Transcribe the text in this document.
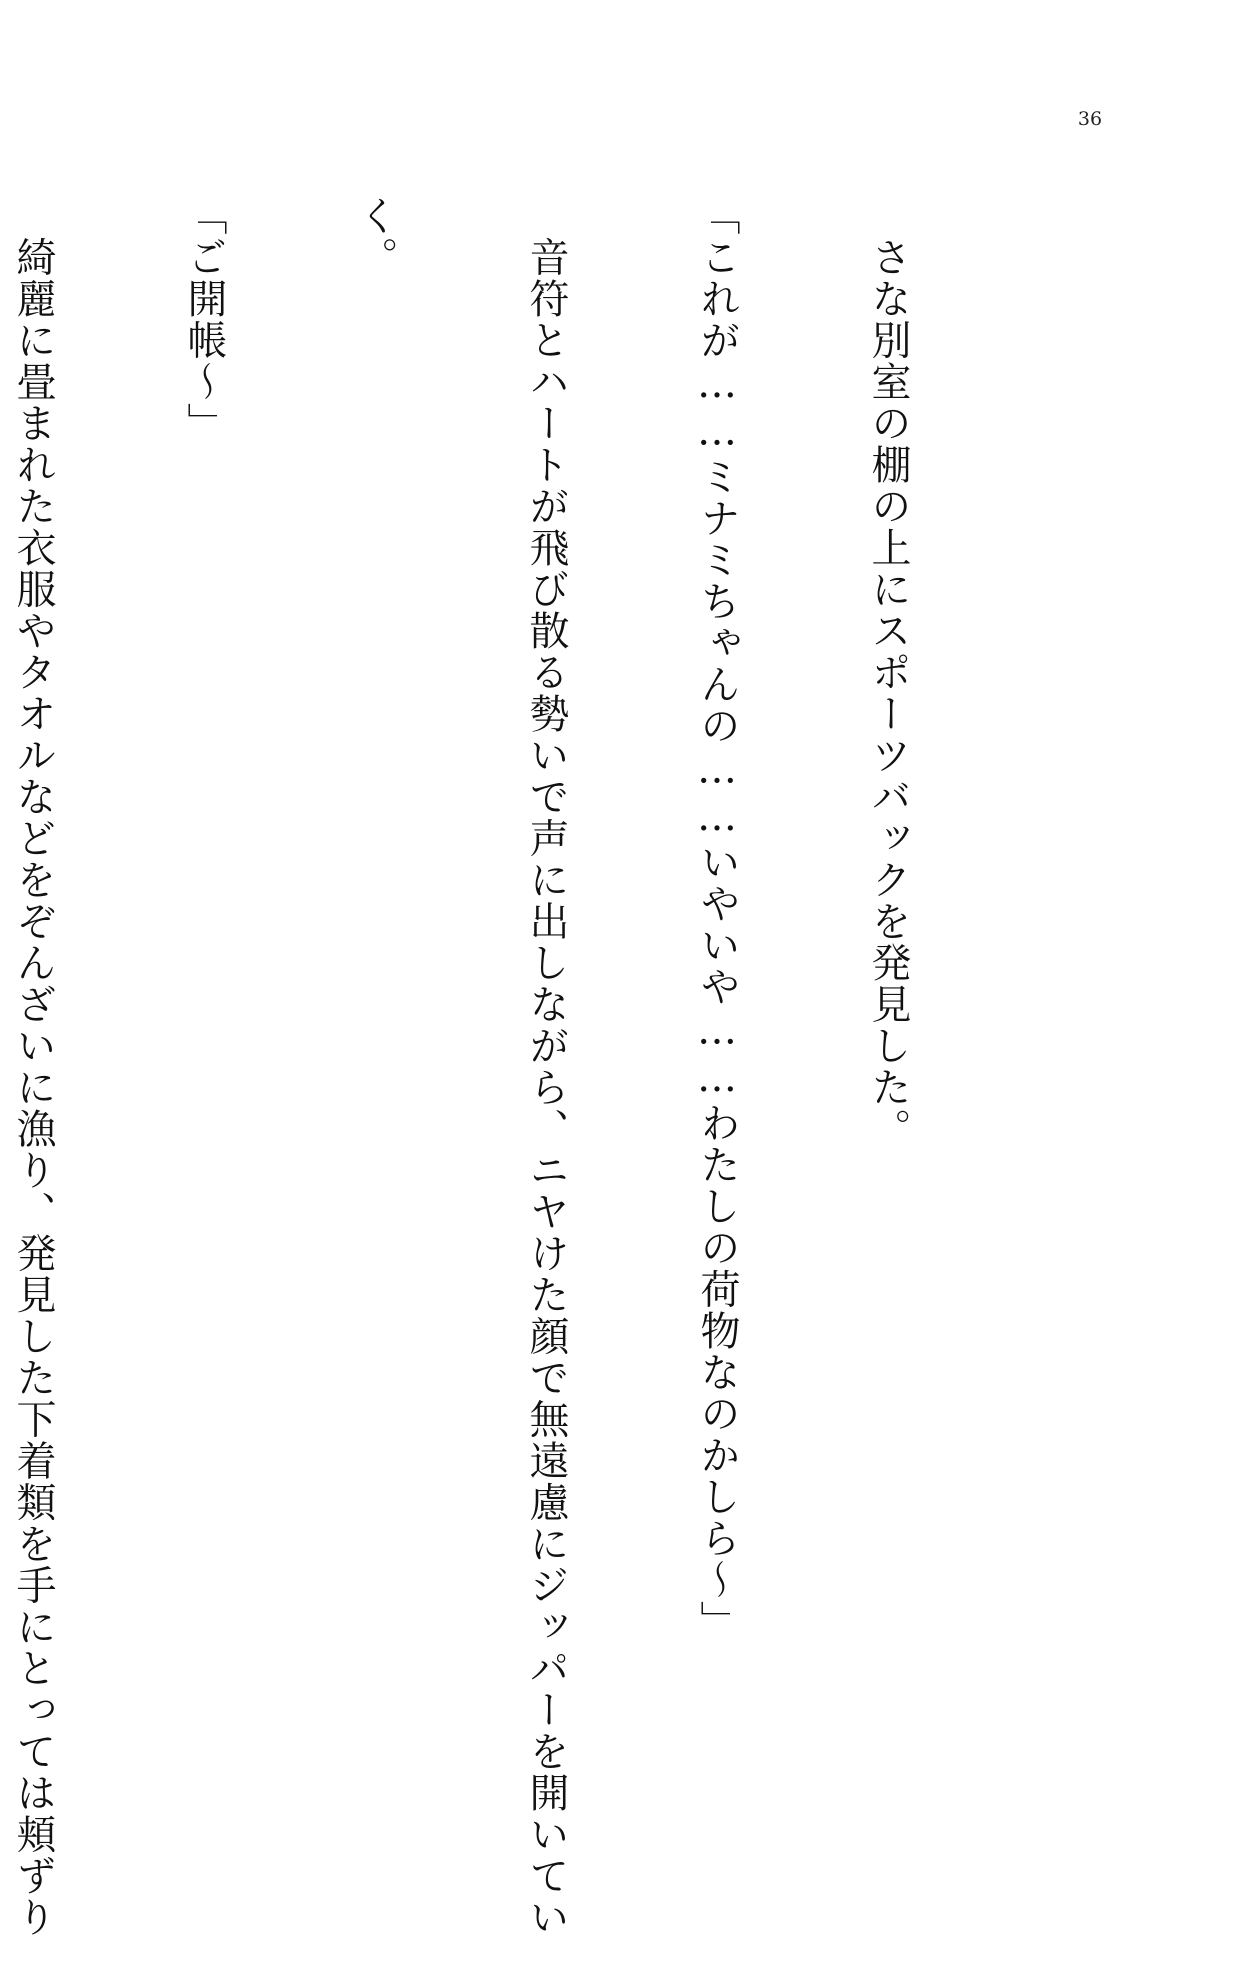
36

　さな別室の棚の上にスポーツバックを発見した。

「これが……ミナミちゃんの……いやいや……わたしの荷物なのかしら～」

　音符とハートが飛び散る勢いで声に出しながら、ニヤけた顔で無遠慮にジッパーを開いてい

く。

「ご開帳～」

　綺麗に畳まれた衣服やタオルなどをぞんざいに漁り、発見した下着類を手にとっては頬ずり
